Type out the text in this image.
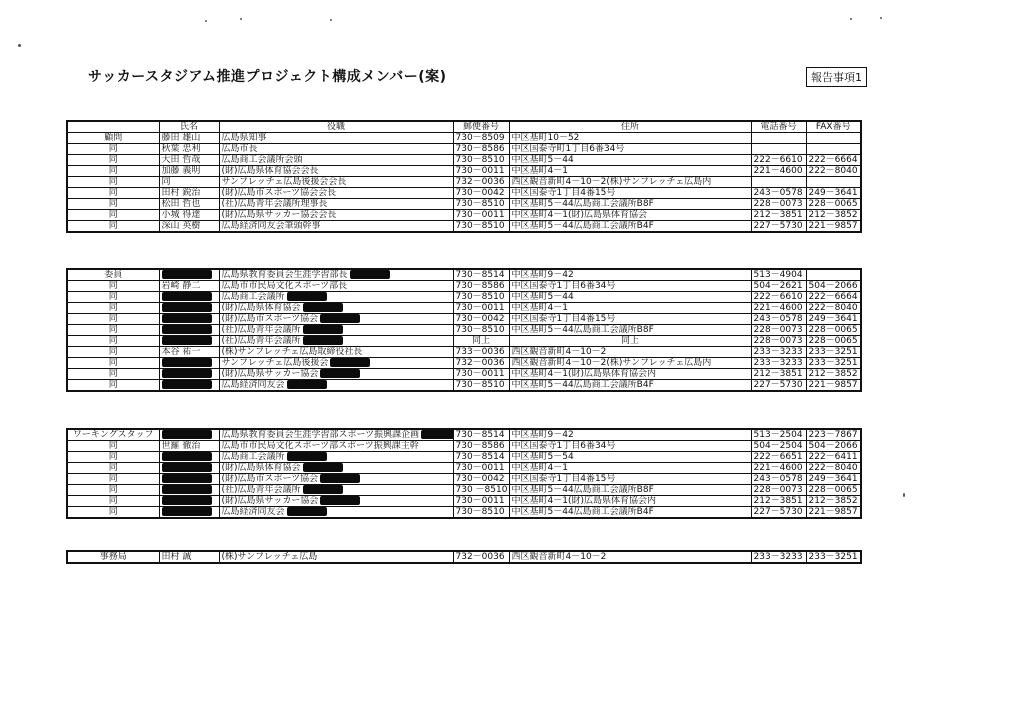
サッカースタジアム推進プロジェクト構成メンバー(案)	報告事項1
	氏名	役職	郵便番号	住所	電話番号	FAX番号
顧問	藤田 雄山	広島県知事	730－8509	中区基町10－52		
同	秋葉 忠利	広島市長	730－8586	中区国泰寺町1丁目6番34号		
同	大田 哲哉	広島商工会議所会頭	730－8510	中区基町5－44	222－6610	222－6664
同	加藤 義明	(財)広島県体育協会会長	730－0011	中区基町4－1	221－4600	222－8040
同	同	サンフレッチェ広島後援会会長	732－0036	西区観音新町4－10－2(株)サンフレッチェ広島内		
同	田村 鋭治	(財)広島市スポーツ協会会長	730－0042	中区国泰寺1丁目4番15号	243－0578	249－3641
同	松田 哲也	(社)広島青年会議所理事長	730－8510	中区基町5－44広島商工会議所B8F	228－0073	228－0065
同	小城 得達	(財)広島県サッカー協会会長	730－0011	中区基町4－1(財)広島県体育協会	212－3851	212－3852
同	深山 英樹	広島経済同友会筆頭幹事	730－8510	中区基町5－44広島商工会議所B4F	227－5730	221－9857
委員		広島県教育委員会生涯学習部長	730－8514	中区基町9－42	513－4904	
同	岩崎 静二	広島市市民局文化スポーツ部長	730－8586	中区国泰寺1丁目6番34号	504－2621	504－2066
同		広島商工会議所	730－8510	中区基町5－44	222－6610	222－6664
同		(財)広島県体育協会	730－0011	中区基町4－1	221－4600	222－8040
同		(財)広島市スポーツ協会	730－0042	中区国泰寺1丁目4番15号	243－0578	249－3641
同		(社)広島青年会議所	730－8510	中区基町5－44広島商工会議所B8F	228－0073	228－0065
同		(社)広島青年会議所	同上	同上	228－0073	228－0065
同	本谷 祐一	(株)サンフレッチェ広島取締役社長	733－0036	西区観音新町4－10－2	233－3233	233－3251
同		サンフレッチェ広島後援会	732－0036	西区観音新町4－10－2(株)サンフレッチェ広島内	233－3233	233－3251
同		(財)広島県サッカー協会	730－0011	中区基町4－1(財)広島県体育協会内	212－3851	212－3852
同		広島経済同友会	730－8510	中区基町5－44広島商工会議所B4F	227－5730	221－9857
ワーキングスタッフ		広島県教育委員会生涯学習部スポーツ振興課企画	730－8514	中区基町9－42	513－2504	223－7867
同	世羅 徹治	広島市市民局文化スポーツ部スポーツ振興課主幹	730－8586	中区国泰寺1丁目6番34号	504－2504	504－2066
同		広島商工会議所	730－8514	中区基町5－54	222－6651	222－6411
同		(財)広島県体育協会	730－0011	中区基町4－1	221－4600	222－8040
同		(財)広島市スポーツ協会	730－0042	中区国泰寺1丁目4番15号	243－0578	249－3641
同		(社)広島青年会議所	730 －8510	中区基町5－44広島商工会議所B8F	228－0073	228－0065
同		(財)広島県サッカー協会	730－0011	中区基町4－1(財)広島県体育協会内	212－3851	212－3852
同		広島経済同友会	730－8510	中区基町5－44広島商工会議所B4F	227－5730	221－9857
事務局	田村 誠	(株)サンフレッチェ広島	732－0036	西区観音新町4－10－2	233－3233	233－3251
